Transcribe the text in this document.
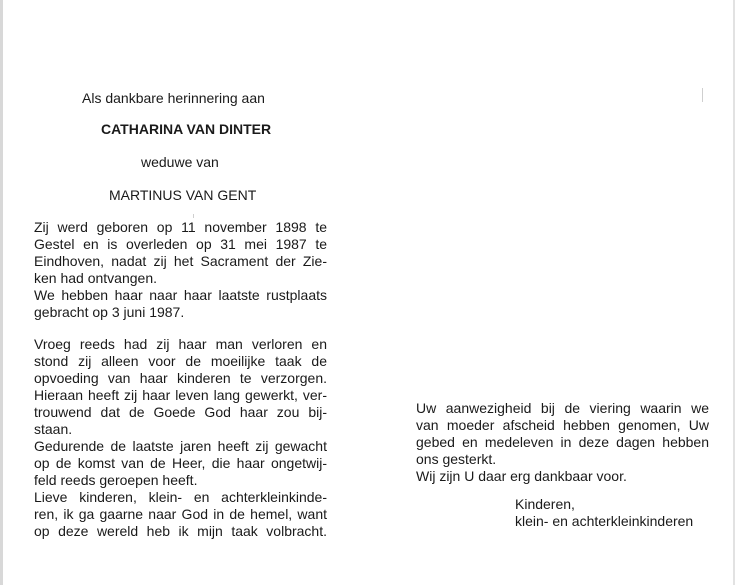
Als dankbare herinnering aan
CATHARINA VAN DINTER
weduwe van
MARTINUS VAN GENT
Zij werd geboren op 11 november 1898 te
Gestel en is overleden op 31 mei 1987 te
Eindhoven, nadat zij het Sacrament der Zie-
ken had ontvangen.
We hebben haar naar haar laatste rustplaats
gebracht op 3 juni 1987.
Vroeg reeds had zij haar man verloren en
stond zij alleen voor de moeilijke taak de
opvoeding van haar kinderen te verzorgen.
Hieraan heeft zij haar leven lang gewerkt, ver-
trouwend dat de Goede God haar zou bij-
staan.
Gedurende de laatste jaren heeft zij gewacht
op de komst van de Heer, die haar ongetwij-
feld reeds geroepen heeft.
Lieve kinderen, klein- en achterkleinkinde-
ren, ik ga gaarne naar God in de hemel, want
op deze wereld heb ik mijn taak volbracht.
Uw aanwezigheid bij de viering waarin we
van moeder afscheid hebben genomen, Uw
gebed en medeleven in deze dagen hebben
ons gesterkt.
Wij zijn U daar erg dankbaar voor.
Kinderen,
klein- en achterkleinkinderen
